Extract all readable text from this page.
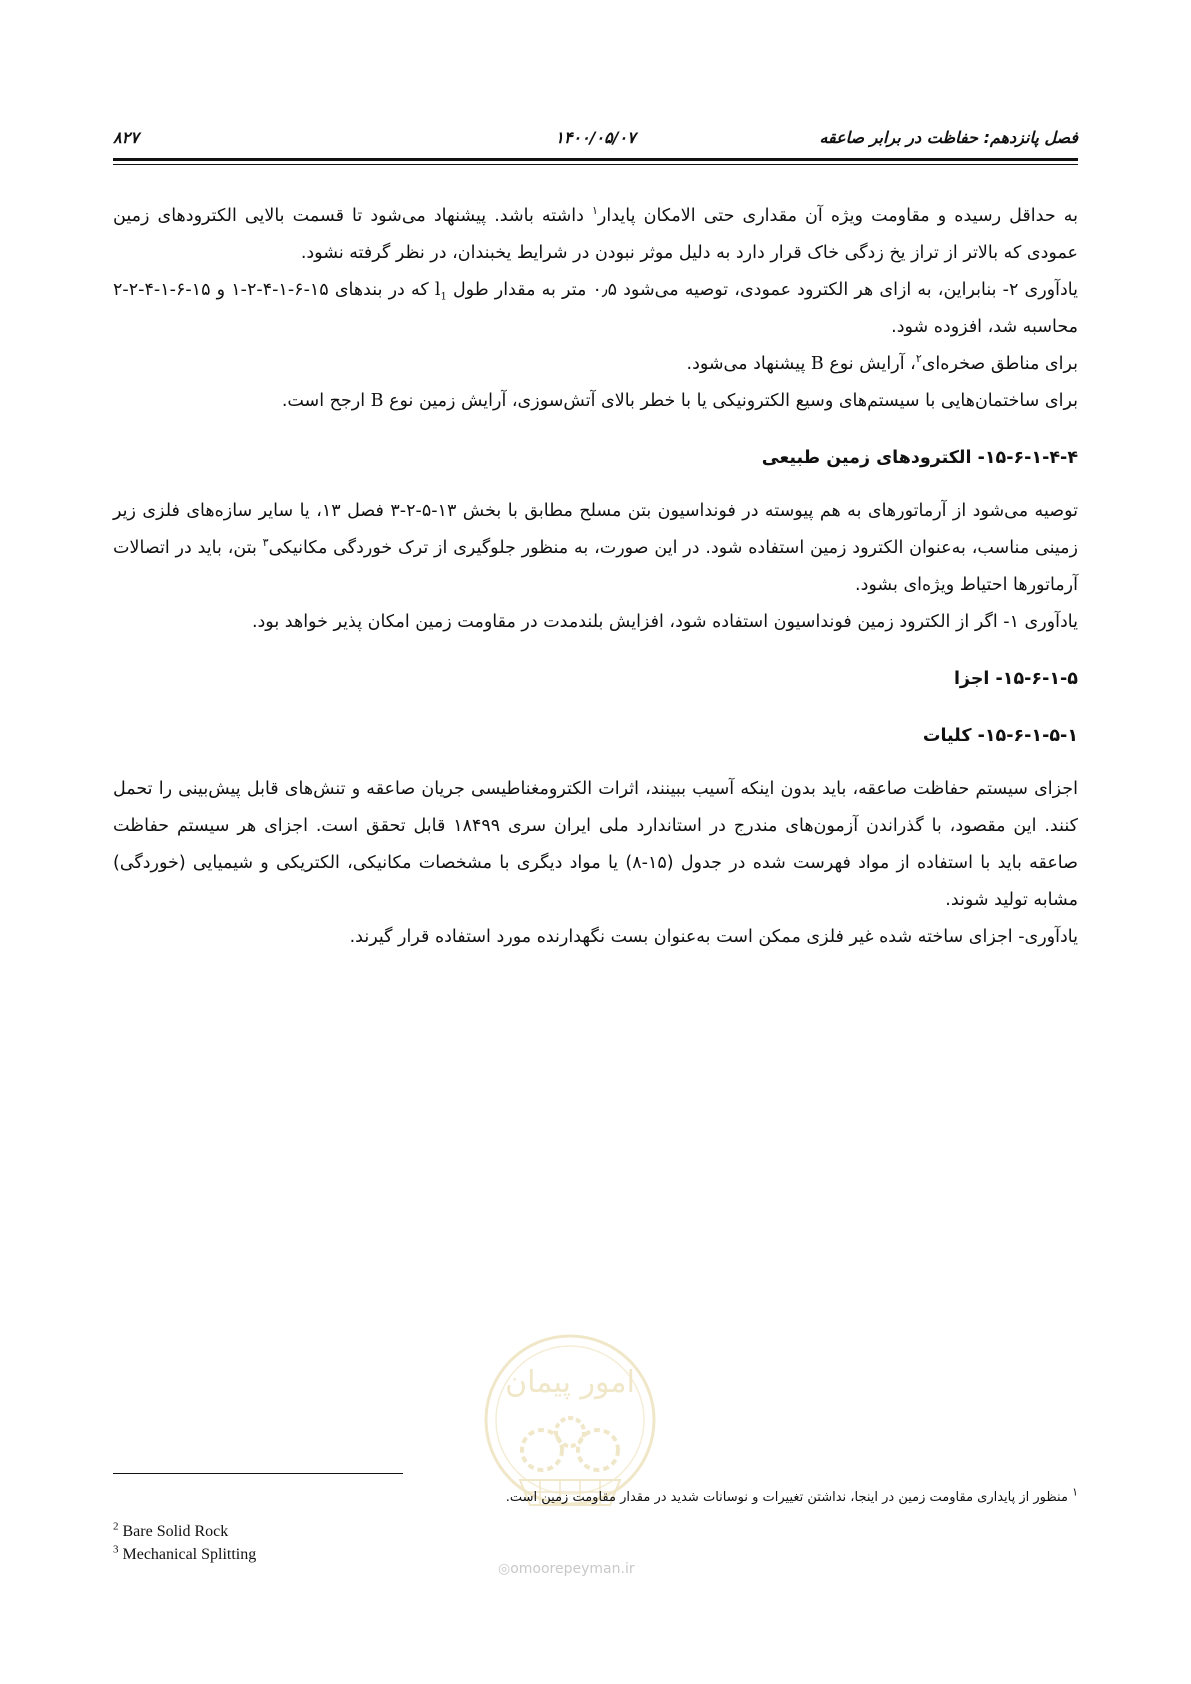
فصل پانزدهم: حفاظت در برابر صاعقه
۱۴۰۰/۰۵/۰۷
۸۲۷

به حداقل رسیده و مقاومت ویژه آن مقداری حتی الامکان پایدار$^۱$ داشته باشد. پیشنهاد می‌شود تا قسمت بالایی الکترودهای زمین عمودی که بالاتر از تراز یخ زدگی خاک قرار دارد به دلیل موثر نبودن در شرایط یخبندان، در نظر گرفته نشود.

یادآوری ۲- بنابراین، به ازای هر الکترود عمودی، توصیه می‌شود ۰٫۵ متر به مقدار طول $l_1$ که در بندهای ۱۵-۶-۱-۴-۲-۱ و ۱۵-۶-۱-۴-۲-۲ محاسبه شد، افزوده شود.

برای مناطق صخره‌ای$^۲$، آرایش نوع B پیشنهاد می‌شود.

برای ساختمان‌هایی با سیستم‌های وسیع الکترونیکی یا با خطر بالای آتش‌سوزی، آرایش زمین نوع B ارجح است.

۱۵-۶-۱-۴-۴- الکترودهای زمین طبیعی

توصیه می‌شود از آرماتورهای به هم پیوسته در فونداسیون بتن مسلح مطابق با بخش ۱۳-۵-۲-۳ فصل ۱۳، یا سایر سازه‌های فلزی زیر زمینی مناسب، به‌عنوان الکترود زمین استفاده شود. در این صورت، به منظور جلوگیری از ترک خوردگی مکانیکی$^۳$ بتن، باید در اتصالات آرماتورها احتیاط ویژه‌ای بشود.

یادآوری ۱- اگر از الکترود زمین فونداسیون استفاده شود، افزایش بلندمدت در مقاومت زمین امکان پذیر خواهد بود.

۱۵-۶-۱-۵- اجزا
۱۵-۶-۱-۵-۱- کلیات

اجزای سیستم حفاظت صاعقه، باید بدون اینکه آسیب ببینند، اثرات الکترومغناطیسی جریان صاعقه و تنش‌های قابل پیش‌بینی را تحمل کنند. این مقصود، با گذراندن آزمون‌های مندرج در استاندارد ملی ایران سری ۱۸۴۹۹ قابل تحقق است. اجزای هر سیستم حفاظت صاعقه باید با استفاده از مواد فهرست شده در جدول (۱۵-۸) یا مواد دیگری با مشخصات مکانیکی، الکتریکی و شیمیایی (خوردگی) مشابه تولید شوند.

یادآوری- اجزای ساخته شده غیر فلزی ممکن است به‌عنوان بست نگهدارنده مورد استفاده قرار گیرند.

امور پیمان
$^۱$ منظور از پایداری مقاومت زمین در اینجا، نداشتن تغییرات و نوسانات شدید در مقدار مقاومت زمین است.
$^2$ Bare Solid Rock
$^3$ Mechanical Splitting
◎omoorepeyman.ir
